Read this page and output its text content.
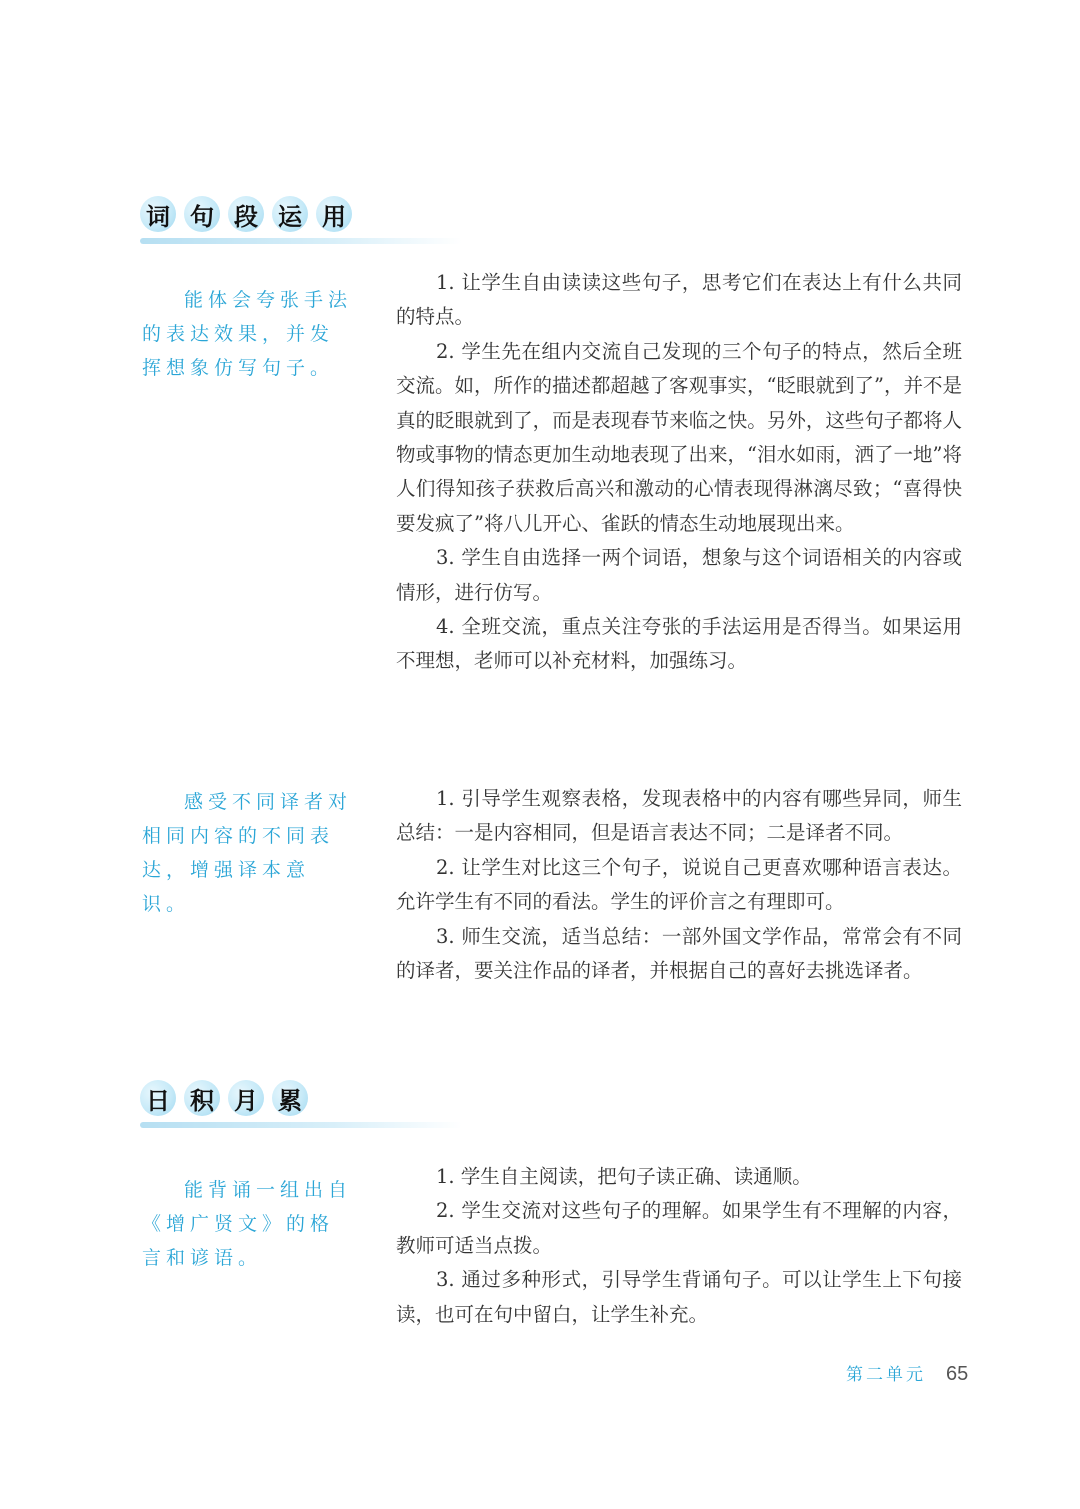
词 句 段 运 用
能体会夸张手法的表达效果，并发挥想象仿写句子。

1. 让学生自由读读这些句子，思考它们在表达上有什么共同的特点。

2. 学生先在组内交流自己发现的三个句子的特点，然后全班交流。如，所作的描述都超越了客观事实，“眨眼就到了”，并不是真的眨眼就到了，而是表现春节来临之快。另外，这些句子都将人物或事物的情态更加生动地表现了出来，“泪水如雨，洒了一地”将人们得知孩子获救后高兴和激动的心情表现得淋漓尽致；“喜得快要发疯了”将八儿开心、雀跃的情态生动地展现出来。

3. 学生自由选择一两个词语，想象与这个词语相关的内容或情形，进行仿写。

4. 全班交流，重点关注夸张的手法运用是否得当。如果运用不理想，老师可以补充材料，加强练习。

感受不同译者对相同内容的不同表达，增强译本意识。

1. 引导学生观察表格，发现表格中的内容有哪些异同，师生总结：一是内容相同，但是语言表达不同；二是译者不同。

2. 让学生对比这三个句子，说说自己更喜欢哪种语言表达。允许学生有不同的看法。学生的评价言之有理即可。

3. 师生交流，适当总结：一部外国文学作品，常常会有不同的译者，要关注作品的译者，并根据自己的喜好去挑选译者。

日 积 月 累
能背诵一组出自《增广贤文》的格言和谚语。

1. 学生自主阅读，把句子读正确、读通顺。

2. 学生交流对这些句子的理解。如果学生有不理解的内容，教师可适当点拨。

3. 通过多种形式，引导学生背诵句子。可以让学生上下句接读，也可在句中留白，让学生补充。

第二单元 65
